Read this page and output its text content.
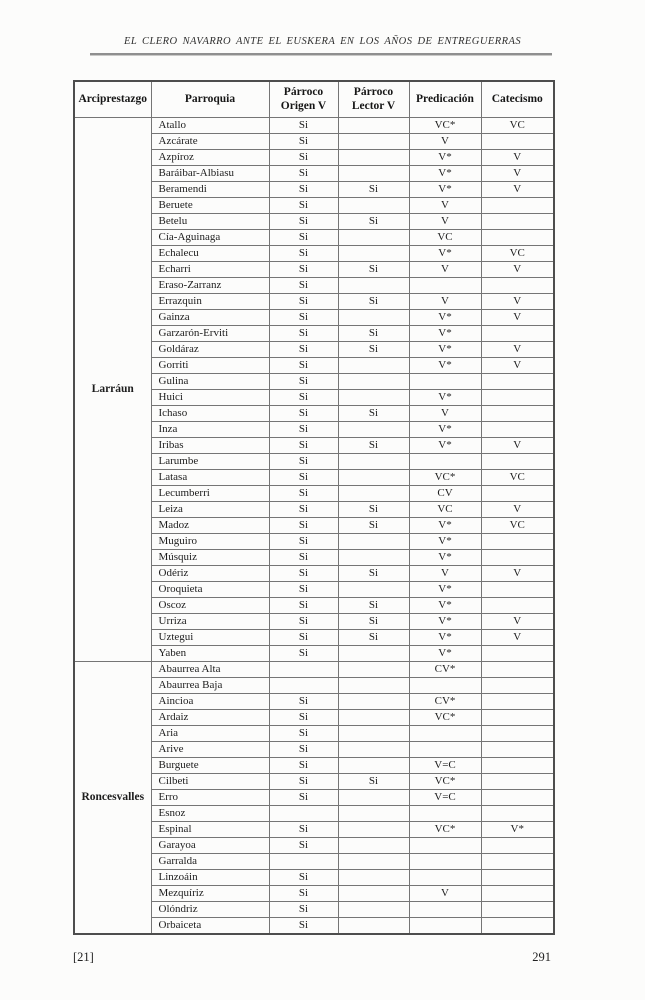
EL CLERO NAVARRO ANTE EL EUSKERA EN LOS AÑOS DE ENTREGUERRAS
Arciprestazgo	Parroquia	Párroco Origen V	Párroco Lector V	Predicación	Catecismo
Larráun	Atallo	Si		VC*	VC
	Azcárate	Si		V	
	Azpíroz	Si		V*	V
	Baráibar-Albiasu	Si		V*	V
	Beramendi	Si	Si	V*	V
	Beruete	Si		V	
	Betelu	Si	Si	V	
	Cía-Aguinaga	Si		VC	
	Echalecu	Si		V*	VC
	Echarri	Si	Si	V	V
	Eraso-Zarranz	Si			
	Errazquin	Si	Si	V	V
	Gainza	Si		V*	V
	Garzarón-Erviti	Si	Si	V*	
	Goldáraz	Si	Si	V*	V
	Gorriti	Si		V*	V
	Gulina	Si			
	Huici	Si		V*	
	Ichaso	Si	Si	V	
	Inza	Si		V*	
	Iribas	Si	Si	V*	V
	Larumbe	Si			
	Latasa	Si		VC*	VC
	Lecumberri	Si		CV	
	Leiza	Si	Si	VC	V
	Madoz	Si	Si	V*	VC
	Muguiro	Si		V*	
	Músquiz	Si		V*	
	Odériz	Si	Si	V	V
	Oroquieta	Si		V*	
	Oscoz	Si	Si	V*	
	Urriza	Si	Si	V*	V
	Uztegui	Si	Si	V*	V
	Yaben	Si		V*	
Roncesvalles	Abaurrea Alta			CV*	
	Abaurrea Baja				
	Aincioa	Si		CV*	
	Ardaiz	Si		VC*	
	Aria	Si			
	Arive	Si			
	Burguete	Si		V=C	
	Cilbeti	Si	Si	VC*	
	Erro	Si		V=C	
	Esnoz				
	Espinal	Si		VC*	V*
	Garayoa	Si			
	Garralda				
	Linzoáin	Si			
	Mezquíriz	Si		V	
	Olóndriz	Si			
	Orbaiceta	Si			
[21]	291
